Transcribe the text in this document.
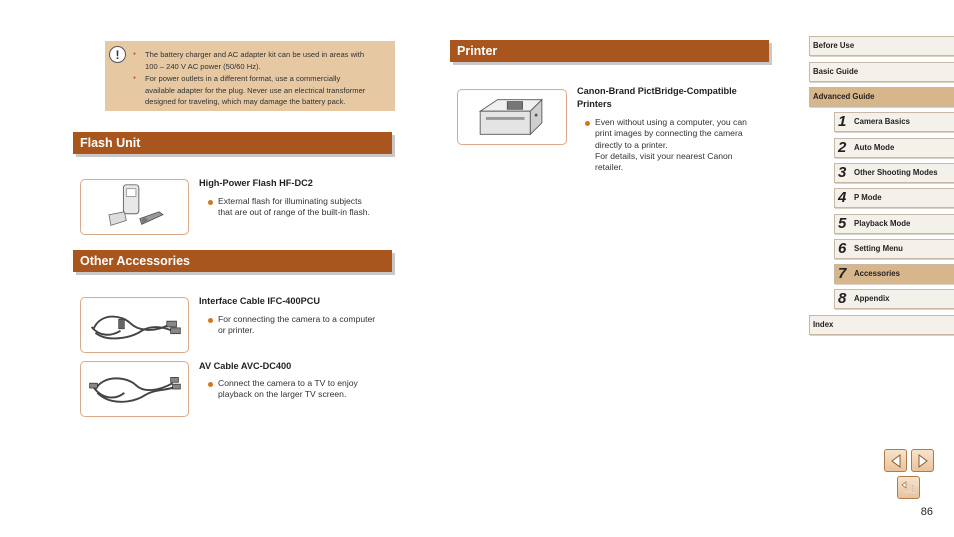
!
●	The battery charger and AC adapter kit can be used in areas with
100 – 240 V AC power (50/60 Hz).
● For power outlets in a different format, use a commercially
available adapter for the plug. Never use an electrical transformer
designed for traveling, which may damage the battery pack.
Flash Unit
High-Power Flash HF-DC2
External flash for illuminating subjects
that are out of range of the built-in flash.
Other Accessories
Interface Cable IFC-400PCU
For connecting the camera to a computer
or printer.
AV Cable AVC-DC400
Connect the camera to a TV to enjoy
playback on the larger TV screen.
Printer
Canon-Brand PictBridge-Compatible
Printers
Even without using a computer, you can
print images by connecting the camera
directly to a printer.
For details, visit your nearest Canon
retailer.
Before Use
Basic Guide
Advanced Guide
1 Camera Basics
2 Auto Mode
3 Other Shooting Modes
4 P Mode
5 Playback Mode
6 Setting Menu
7 Accessories
8 Appendix
Index
86
